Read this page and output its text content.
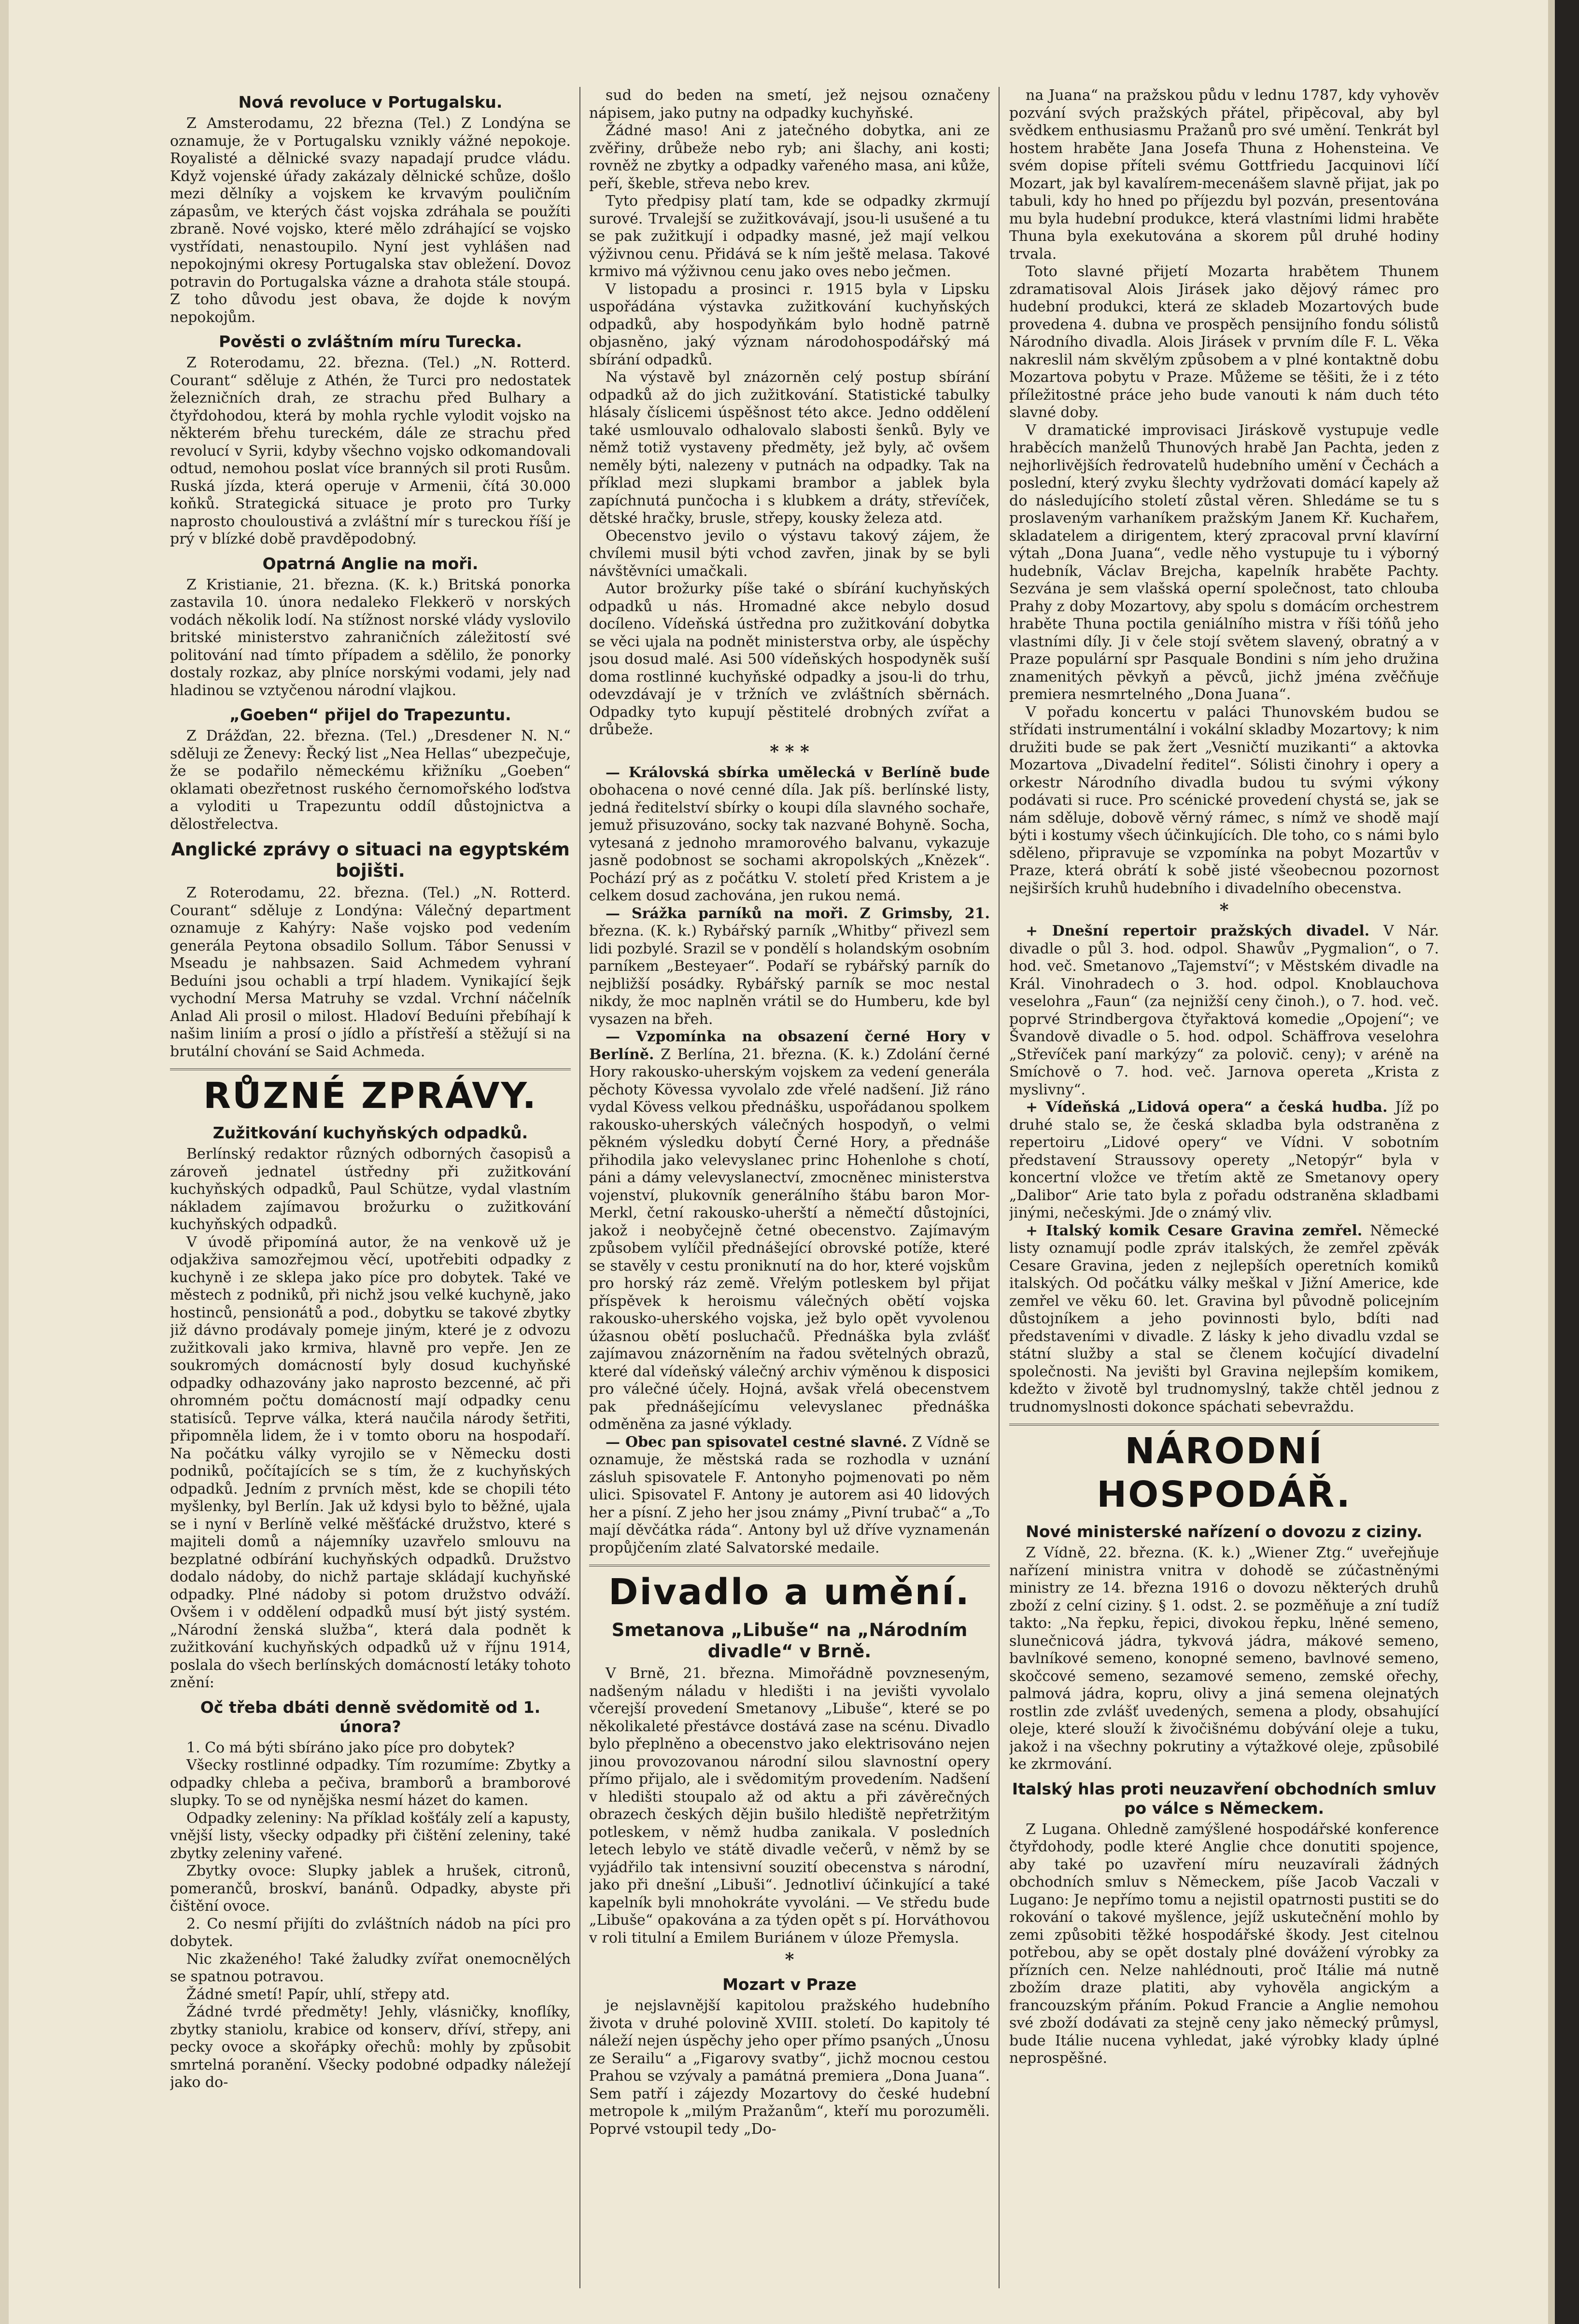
Nová revoluce v Portugalsku.

Z Amsterodamu, 22 března (Tel.) Z Londýna se oznamuje, že v Portugalsku vznikly vážné nepokoje. Royalisté a dělnické svazy napadají prudce vládu. Když vojenské úřady zakázaly dělnické schůze, došlo mezi dělníky a vojskem ke krvavým pouličním zápasům, ve kterých část vojska zdráhala se použíti zbraně. Nové vojsko, které mělo zdráhající se vojsko vystřídati, nenastoupilo. Nyní jest vyhlášen nad nepokojnými okresy Portugalska stav obležení. Dovoz potravin do Portugalska vázne a drahota stále stoupá. Z toho důvodu jest obava, že dojde k novým nepokojům.

Pověsti o zvláštním míru Turecka.

Z Roterodamu, 22. března. (Tel.) „N. Rotterd. Courant“ sděluje z Athén, že Turci pro nedostatek železničních drah, ze strachu před Bulhary a čtyřdohodou, která by mohla rychle vylodit vojsko na některém břehu tureckém, dále ze strachu před revolucí v Syrii, kdyby všechno vojsko odkomandovali odtud, nemohou poslat více branných sil proti Rusům. Ruská jízda, která operuje v Armenii, čítá 30.000 koňků. Strategická situace je proto pro Turky naprosto chouloustivá a zvláštní mír s tureckou říší je prý v blízké době pravděpodobný.

Opatrná Anglie na moři.

Z Kristianie, 21. března. (K. k.) Britská ponorka zastavila 10. února nedaleko Flekkerö v norských vodách několik lodí. Na stížnost norské vlády vyslovilo britské ministerstvo zahraničních záležitostí své politování nad tímto případem a sdělilo, že ponorky dostaly rozkaz, aby plníce norskými vodami, jely nad hladinou se vztyčenou národní vlajkou.

„Goeben“ přijel do Trapezuntu.

Z Drážďan, 22. března. (Tel.) „Dresdener N. N.“ sděluji ze Ženevy: Řecký list „Nea Hellas“ ubezpečuje, že se podařilo německému křižníku „Goeben“ oklamati obezřetnost ruského černomořského loďstva a vyloditi u Trapezuntu oddíl důstojnictva a dělostřelectva.

Anglické zprávy o situaci na egyptském bojišti.

Z Roterodamu, 22. března. (Tel.) „N. Rotterd. Courant“ sděluje z Londýna: Válečný department oznamuje z Kahýry: Naše vojsko pod vedením generála Peytona obsadilo Sollum. Tábor Senussi v Mseadu je nahbsazen. Said Achmedem vyhraní Beduíni jsou ochabli a trpí hladem. Vynikající šejk vychodní Mersa Matruhy se vzdal. Vrchní náčelník Anlad Ali prosil o milost. Hladoví Beduíni přebíhají k našim liniím a prosí o jídlo a přístřeší a stěžují si na brutální chování se Said Achmeda.

RŮZNÉ ZPRÁVY.
Zužitkování kuchyňských odpadků.

Berlínský redaktor různých odborných časopisů a zároveň jednatel ústředny při zužitkování kuchyňských odpadků, Paul Schütze, vydal vlastním nákladem zajímavou brožurku o zužitkování kuchyňských odpadků.

V úvodě připomíná autor, že na venkově už je odjakživa samozřejmou věcí, upotřebiti odpadky z kuchyně i ze sklepa jako píce pro dobytek. Také ve městech z podniků, při nichž jsou velké kuchyně, jako hostinců, pensionátů a pod., dobytku se takové zbytky již dávno prodávaly pomeje jiným, které je z odvozu zužitkovali jako krmiva, hlavně pro vepře. Jen ze soukromých domácností byly dosud kuchyňské odpadky odhazovány jako naprosto bezcenné, ač při ohromném počtu domácností mají odpadky cenu statisíců. Teprve válka, která naučila národy šetřiti, připomněla lidem, že i v tomto oboru na hospodaří. Na počátku války vyrojilo se v Německu dosti podniků, počítajících se s tím, že z kuchyňských odpadků. Jedním z prvních měst, kde se chopili této myšlenky, byl Berlín. Jak už kdysi bylo to běžné, ujala se i nyní v Berlíně velké měšťácké družstvo, které s majiteli domů a nájemníky uzavřelo smlouvu na bezplatné odbírání kuchyňských odpadků. Družstvo dodalo nádoby, do nichž partaje skládají kuchyňské odpadky. Plné nádoby si potom družstvo odváží. Ovšem i v oddělení odpadků musí být jistý systém. „Národní ženská služba“, která dala podnět k zužitkování kuchyňských odpadků už v říjnu 1914, poslala do všech berlínských domácností letáky tohoto znění:

Oč třeba dbáti denně svědomitě od 1. února?

1. Co má býti sbíráno jako píce pro dobytek?

Všecky rostlinné odpadky. Tím rozumíme: Zbytky a odpadky chleba a pečiva, bramborů a bramborové slupky. To se od nynějška nesmí házet do kamen.

Odpadky zeleniny: Na příklad košťály zelí a kapusty, vnější listy, všecky odpadky při čištění zeleniny, také zbytky zeleniny vařené.

Zbytky ovoce: Slupky jablek a hrušek, citronů, pomerančů, broskví, banánů. Odpadky, abyste při čištění ovoce.

2. Co nesmí přijíti do zvláštních nádob na píci pro dobytek.

Nic zkaženého! Také žaludky zvířat onemocnělých se spatnou potravou.

Žádné smetí! Papír, uhlí, střepy atd.

Žádné tvrdé předměty! Jehly, vlásničky, knoflíky, zbytky staniolu, krabice od konserv, dříví, střepy, ani pecky ovoce a skořápky ořechů: mohly by způsobit smrtelná poranění. Všecky podobné odpadky náležejí jako do-

sud do beden na smetí, jež nejsou označeny nápisem, jako putny na odpadky kuchyňské.

Žádné maso! Ani z jatečného dobytka, ani ze zvěřiny, drůbeže nebo ryb; ani šlachy, ani kosti; rovněž ne zbytky a odpadky vařeného masa, ani kůže, peří, škeble, střeva nebo krev.

Tyto předpisy platí tam, kde se odpadky zkrmují surové. Trvalejší se zužitkovávají, jsou-li usušené a tu se pak zužitkují i odpadky masné, jež mají velkou výživnou cenu. Přidává se k ním ještě melasa. Takové krmivo má výživnou cenu jako oves nebo ječmen.

V listopadu a prosinci r. 1915 byla v Lipsku uspořádána výstavka zužitkování kuchyňských odpadků, aby hospodyňkám bylo hodně patrně objasněno, jaký význam národohospodářský má sbírání odpadků.

Na výstavě byl znázorněn celý postup sbírání odpadků až do jich zužitkování. Statistické tabulky hlásaly číslicemi úspěšnost této akce. Jedno oddělení také usmlouvalo odhalovalo slabosti šenků. Byly ve němž totiž vystaveny předměty, jež byly, ač ovšem neměly býti, nalezeny v putnách na odpadky. Tak na příklad mezi slupkami brambor a jablek byla zapíchnutá punčocha i s klubkem a dráty, střevíček, dětské hračky, brusle, střepy, kousky železa atd.

Obecenstvo jevilo o výstavu takový zájem, že chvílemi musil býti vchod zavřen, jinak by se byli návštěvníci umačkali.

Autor brožurky píše také o sbírání kuchyňských odpadků u nás. Hromadné akce nebylo dosud docíleno. Vídeňská ústředna pro zužitkování dobytka se věci ujala na podnět ministerstva orby, ale úspěchy jsou dosud malé. Asi 500 vídeňských hospodyněk suší doma rostlinné kuchyňské odpadky a jsou-li do trhu, odevzdávají je v tržních ve zvláštních sběrnách. Odpadky tyto kupují pěstitelé drobných zvířat a drůbeže.

* * *

— Královská sbírka umělecká v Berlíně bude obohacena o nové cenné díla. Jak píš. berlínské listy, jedná ředitelství sbírky o koupi díla slavného sochaře, jemuž přisuzováno, socky tak nazvané Bohyně. Socha, vytesaná z jednoho mramorového balvanu, vykazuje jasně podobnost se sochami akropolských „Knězek“. Pochází prý as z počátku V. století před Kristem a je celkem dosud zachována, jen rukou nemá.

— Srážka parníků na moři. Z Grimsby, 21. března. (K. k.) Rybářský parník „Whitby“ přivezl sem lidi pozbylé. Srazil se v pondělí s holandským osobním parníkem „Besteyaer“. Podaří se rybářský parník do nejbližší posádky. Rybářský parník se moc nestal nikdy, že moc naplněn vrátil se do Humberu, kde byl vysazen na břeh.

— Vzpomínka na obsazení černé Hory v Berlíně. Z Berlína, 21. března. (K. k.) Zdolání černé Hory rakousko-uherským vojskem za vedení generála pěchoty Kövessa vyvolalo zde vřelé nadšení. Již ráno vydal Kövess velkou přednášku, uspořádanou spolkem rakousko-uherských válečných hospodyň, o velmi pěkném výsledku dobytí Černé Hory, a přednáše přihodila jako velevyslanec princ Hohenlohe s chotí, páni a dámy velevyslanectví, zmocněnec ministerstva vojenství, plukovník generálního štábu baron Mor-Merkl, četní rakousko-uherští a němečtí důstojníci, jakož i neobyčejně četné obecenstvo. Zajímavým způsobem vylíčil přednášející obrovské potíže, které se stavěly v cestu proniknutí na do hor, které vojskům pro horský ráz země. Vřelým potleskem byl přijat příspěvek k heroismu válečných obětí vojska rakousko-uherského vojska, jež bylo opět vyvolenou úžasnou obětí posluchačů. Přednáška byla zvlášť zajímavou znázorněním na řadou světelných obrazů, které dal vídeňský válečný archiv výměnou k disposici pro válečné účely. Hojná, avšak vřelá obecenstvem pak přednášejícímu velevyslanec přednáška odměněna za jasné výklady.

— Obec pan spisovatel cestné slavné. Z Vídně se oznamuje, že městská rada se rozhodla v uznání zásluh spisovatele F. Antonyho pojmenovati po něm ulici. Spisovatel F. Antony je autorem asi 40 lidových her a písní. Z jeho her jsou známy „Pivní trubač“ a „To mají děvčátka ráda“. Antony byl už dříve vyznamenán propůjčením zlaté Salvatorské medaile.

Divadlo a umění.
Smetanova „Libuše“ na „Národním divadle“ v Brně.

V Brně, 21. března. Mimořádně povzneseným, nadšeným náladu v hledišti i na jevišti vyvolalo včerejší provedení Smetanovy „Libuše“, které se po několikaleté přestávce dostává zase na scénu. Divadlo bylo přeplněno a obecenstvo jako elektrisováno nejen jinou provozovanou národní silou slavnostní opery přímo přijalo, ale i svědomitým provedením. Nadšení v hledišti stoupalo až od aktu a při závěrečných obrazech českých dějin bušilo hlediště nepřetržitým potleskem, v němž hudba zanikala. V posledních letech lebylo ve státě divadle večerů, v němž by se vyjádřilo tak intensivní souzití obecenstva s národní, jako při dnešní „Libuši“. Jednotliví účinkující a také kapelník byli mnohokráte vyvoláni. — Ve středu bude „Libuše“ opakována a za týden opět s pí. Horváthovou v roli titulní a Emilem Buriánem v úloze Přemysla.

*
Mozart v Praze

je nejslavnější kapitolou pražského hudebního života v druhé polovině XVIII. století. Do kapitoly té náleží nejen úspěchy jeho oper přímo psaných „Únosu ze Serailu“ a „Figarovy svatby“, jichž mocnou cestou Prahou se vzývaly a památná premiera „Dona Juana“. Sem patří i zájezdy Mozartovy do české hudební metropole k „milým Pražanům“, kteří mu porozuměli. Poprvé vstoupil tedy „Do-

na Juana“ na pražskou půdu v lednu 1787, kdy vyhověv pozvání svých pražských přátel, připěcoval, aby byl svědkem enthusiasmu Pražanů pro své umění. Tenkrát byl hostem hraběte Jana Josefa Thuna z Hohensteina. Ve svém dopise příteli svému Gottfriedu Jacquinovi líčí Mozart, jak byl kavalírem-mecenášem slavně přijat, jak po tabuli, kdy ho hned po příjezdu byl pozván, presentována mu byla hudební produkce, která vlastními lidmi hraběte Thuna byla exekutována a skorem půl druhé hodiny trvala.

Toto slavné přijetí Mozarta hrabětem Thunem zdramatisoval Alois Jirásek jako dějový rámec pro hudební produkci, která ze skladeb Mozartových bude provedena 4. dubna ve prospěch pensijního fondu sólistů Národního divadla. Alois Jirásek v prvním díle F. L. Věka nakreslil nám skvělým způsobem a v plné kontaktně dobu Mozartova pobytu v Praze. Můžeme se těšiti, že i z této příležitostné práce jeho bude vanouti k nám duch této slavné doby.

V dramatické improvisaci Jiráskově vystupuje vedle hraběcích manželů Thunových hrabě Jan Pachta, jeden z nejhorlivějších ředrovatelů hudebního umění v Čechách a poslední, který zvyku šlechty vydržovati domácí kapely až do následujícího století zůstal věren. Shledáme se tu s proslaveným varhaníkem pražským Janem Kř. Kuchařem, skladatelem a dirigentem, který zpracoval první klavírní výtah „Dona Juana“, vedle něho vystupuje tu i výborný hudebník, Václav Brejcha, kapelník hraběte Pachty. Sezvána je sem vlašská operní společnost, tato chlouba Prahy z doby Mozartovy, aby spolu s domácím orchestrem hraběte Thuna poctila geniálního mistra v říši tóňů jeho vlastními díly. Ji v čele stojí světem slavený, obratný a v Praze populární spr Pasquale Bondini s ním jeho družina znamenitých pěvkyň a pěvců, jichž jména zvěčňuje premiera nesmrtelného „Dona Juana“.

V pořadu koncertu v paláci Thunovském budou se střídati instrumentální i vokální skladby Mozartovy; k nim družiti bude se pak žert „Vesničtí muzikanti“ a aktovka Mozartova „Divadelní ředitel“. Sólisti činohry i opery a orkestr Národního divadla budou tu svými výkony podávati si ruce. Pro scénické provedení chystá se, jak se nám sděluje, dobově věrný rámec, s nímž ve shodě mají býti i kostumy všech účinkujících. Dle toho, co s námi bylo sděleno, připravuje se vzpomínka na pobyt Mozartův v Praze, která obrátí k sobě jisté všeobecnou pozornost nejširších kruhů hudebního i divadelního obecenstva.

*

+ Dnešní repertoir pražských divadel. V Nár. divadle o půl 3. hod. odpol. Shawův „Pygmalion“, o 7. hod. več. Smetanovo „Tajemství“; v Městském divadle na Král. Vinohradech o 3. hod. odpol. Knoblauchova veselohra „Faun“ (za nejnižší ceny činoh.), o 7. hod. več. poprvé Strindbergova čtyřaktová komedie „Opojení“; ve Švandově divadle o 5. hod. odpol. Schäffrova veselohra „Střevíček paní markýzy“ za polovič. ceny); v aréně na Smíchově o 7. hod. več. Jarnova opereta „Krista z myslivny“.

+ Vídeňská „Lidová opera“ a česká hudba. Jíž po druhé stalo se, že česká skladba byla odstraněna z repertoiru „Lidové opery“ ve Vídni. V sobotním představení Straussovy operety „Netopýr“ byla v koncertní vložce ve třetím aktě ze Smetanovy opery „Dalibor“ Arie tato byla z pořadu odstraněna skladbami jinými, nečeskými. Jde o známý vliv.

+ Italský komik Cesare Gravina zemřel. Německé listy oznamují podle zpráv italských, že zemřel zpěvák Cesare Gravina, jeden z nejlepších operetních komiků italských. Od počátku války meškal v Jižní Americe, kde zemřel ve věku 60. let. Gravina byl původně policejním důstojníkem a jeho povinnosti bylo, bdíti nad představeními v divadle. Z lásky k jeho divadlu vzdal se státní služby a stal se členem kočující divadelní společnosti. Na jevišti byl Gravina nejlepším komikem, kdežto v životě byl trudnomyslný, takže chtěl jednou z trudnomyslnosti dokonce spáchati sebevraždu.

NÁRODNÍ HOSPODÁŘ.
Nové ministerské nařízení o dovozu z ciziny.

Z Vídně, 22. března. (K. k.) „Wiener Ztg.“ uveřejňuje nařízení ministra vnitra v dohodě se zúčastněnými ministry ze 14. března 1916 o dovozu některých druhů zboží z celní ciziny. § 1. odst. 2. se pozměňuje a zní tudíž takto: „Na řepku, řepici, divokou řepku, lněné semeno, slunečnicová jádra, tykvová jádra, mákové semeno, bavlníkové semeno, konopné semeno, bavlnové semeno, skočcové semeno, sezamové semeno, zemské ořechy, palmová jádra, kopru, olivy a jiná semena olejnatých rostlin zde zvlášť uvedených, semena a plody, obsahující oleje, které slouží k živočišnému dobývání oleje a tuku, jakož i na všechny pokrutiny a výtažkové oleje, způsobilé ke zkrmování.

Italský hlas proti neuzavření obchodních smluv po válce s Německem.

Z Lugana. Ohledně zamýšlené hospodářské konference čtyřdohody, podle které Anglie chce donutiti spojence, aby také po uzavření míru neuzavírali žádných obchodních smluv s Německem, píše Jacob Vaczali v Lugano: Je nepřímo tomu a nejistil opatrnosti pustiti se do rokování o takové myšlence, jejíž uskutečnění mohlo by zemi způsobiti těžké hospodářské škody. Jest citelnou potřebou, aby se opět dostaly plné dovážení výrobky za přízních cen. Nelze nahlédnouti, proč Itálie má nutně zbožím draze platiti, aby vyhověla angickým a francouzským přáním. Pokud Francie a Anglie nemohou své zboží dodávati za stejně ceny jako německý průmysl, bude Itálie nucena vyhledat, jaké výrobky klady úplné neprospěšné.
